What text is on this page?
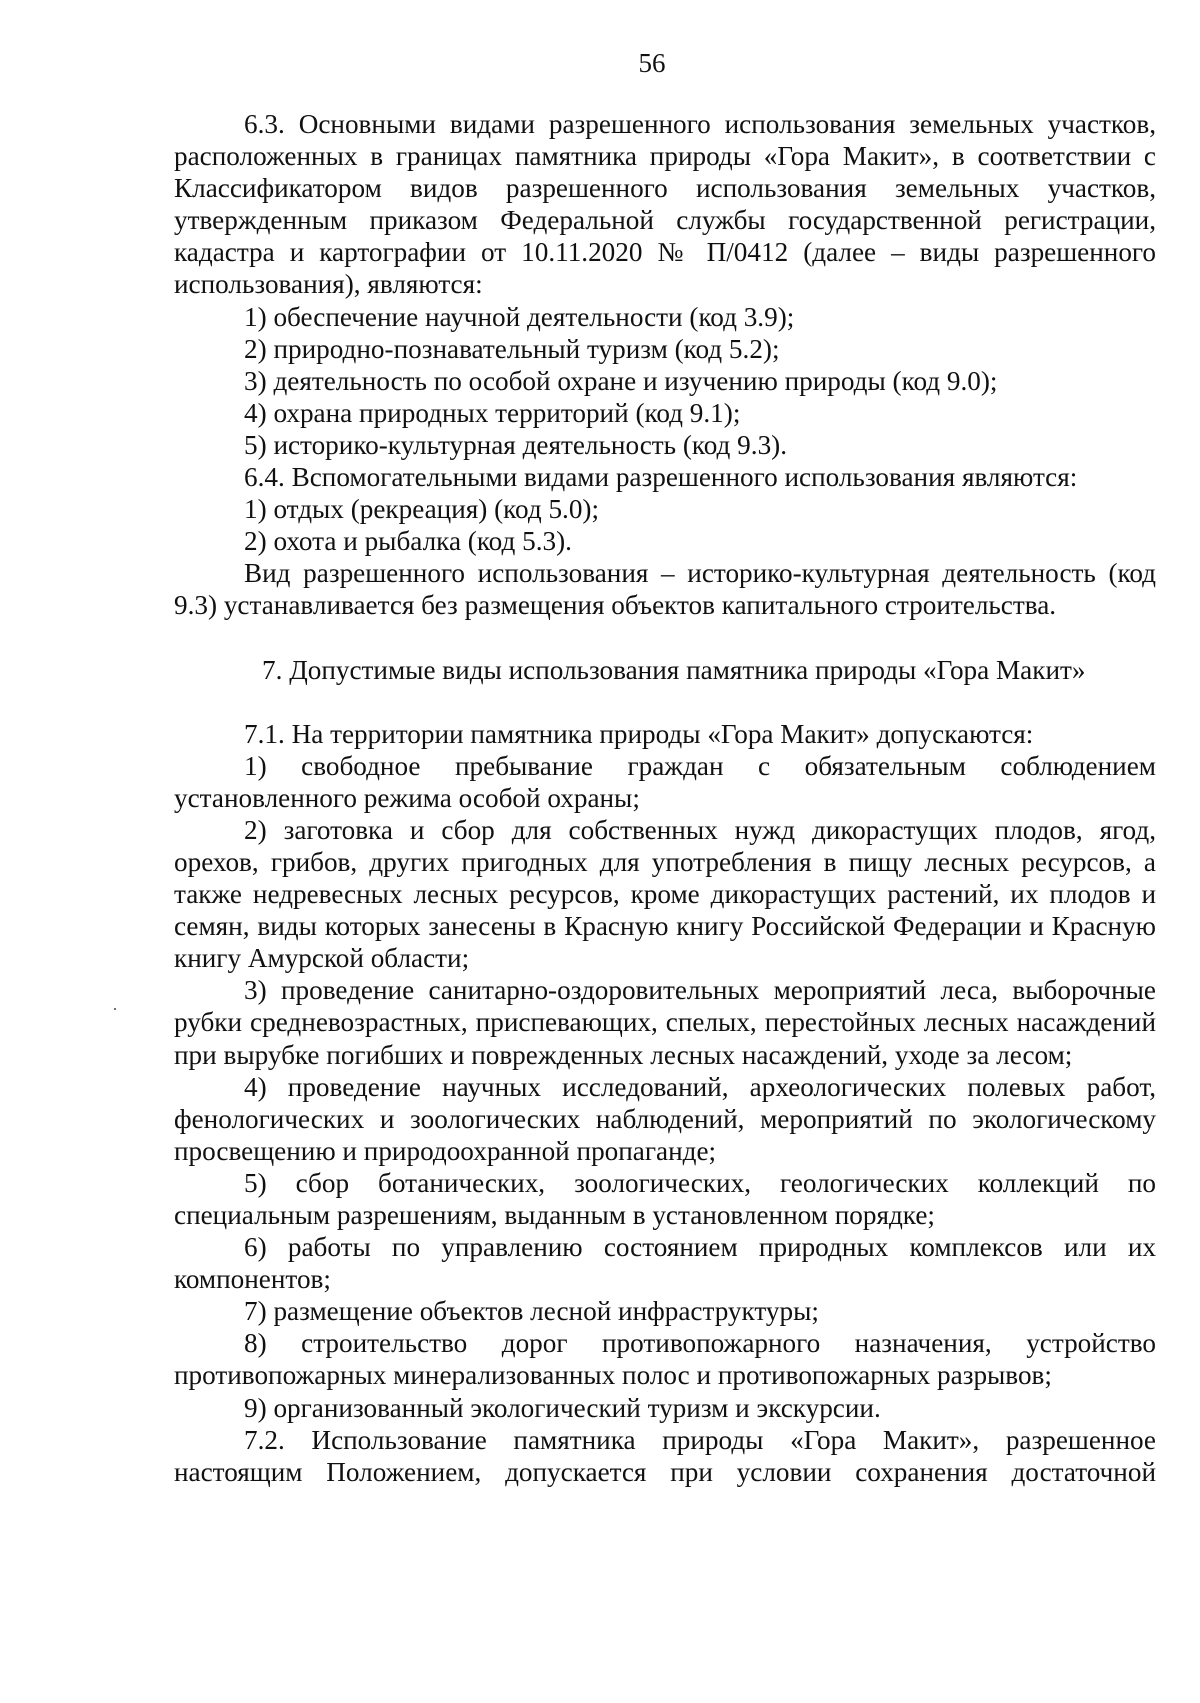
56

6.3. Основными видами разрешенного использования земельных участков, расположенных в границах памятника природы «Гора Макит», в соответствии с Классификатором видов разрешенного использования земельных участков, утвержденным приказом Федеральной службы государственной регистрации, кадастра и картографии от 10.11.2020 № П/0412 (далее – виды разрешенного использования), являются:

1) обеспечение научной деятельности (код 3.9);

2) природно-познавательный туризм (код 5.2);

3) деятельность по особой охране и изучению природы (код 9.0);

4) охрана природных территорий (код 9.1);

5) историко-культурная деятельность (код 9.3).

6.4. Вспомогательными видами разрешенного использования являются:

1) отдых (рекреация) (код 5.0);

2) охота и рыбалка (код 5.3).

Вид разрешенного использования – историко-культурная деятельность (код 9.3) устанавливается без размещения объектов капитального строительства.

7. Допустимые виды использования памятника природы «Гора Макит»

7.1. На территории памятника природы «Гора Макит» допускаются:

1) свободное пребывание граждан с обязательным соблюдением установленного режима особой охраны;

2) заготовка и сбор для собственных нужд дикорастущих плодов, ягод, орехов, грибов, других пригодных для употребления в пищу лесных ресурсов, а также недревесных лесных ресурсов, кроме дикорастущих растений, их плодов и семян, виды которых занесены в Красную книгу Российской Федерации и Красную книгу Амурской области;

3) проведение санитарно-оздоровительных мероприятий леса, выборочные рубки средневозрастных, приспевающих, спелых, перестойных лесных насаждений при вырубке погибших и поврежденных лесных насаждений, уходе за лесом;

4) проведение научных исследований, археологических полевых работ, фенологических и зоологических наблюдений, мероприятий по экологическому просвещению и природоохранной пропаганде;

5) сбор ботанических, зоологических, геологических коллекций по специальным разрешениям, выданным в установленном порядке;

6) работы по управлению состоянием природных комплексов или их компонентов;

7) размещение объектов лесной инфраструктуры;

8) строительство дорог противопожарного назначения, устройство противопожарных минерализованных полос и противопожарных разрывов;

9) организованный экологический туризм и экскурсии.

7.2. Использование памятника природы «Гора Макит», разрешенное настоящим Положением, допускается при условии сохранения достаточной
